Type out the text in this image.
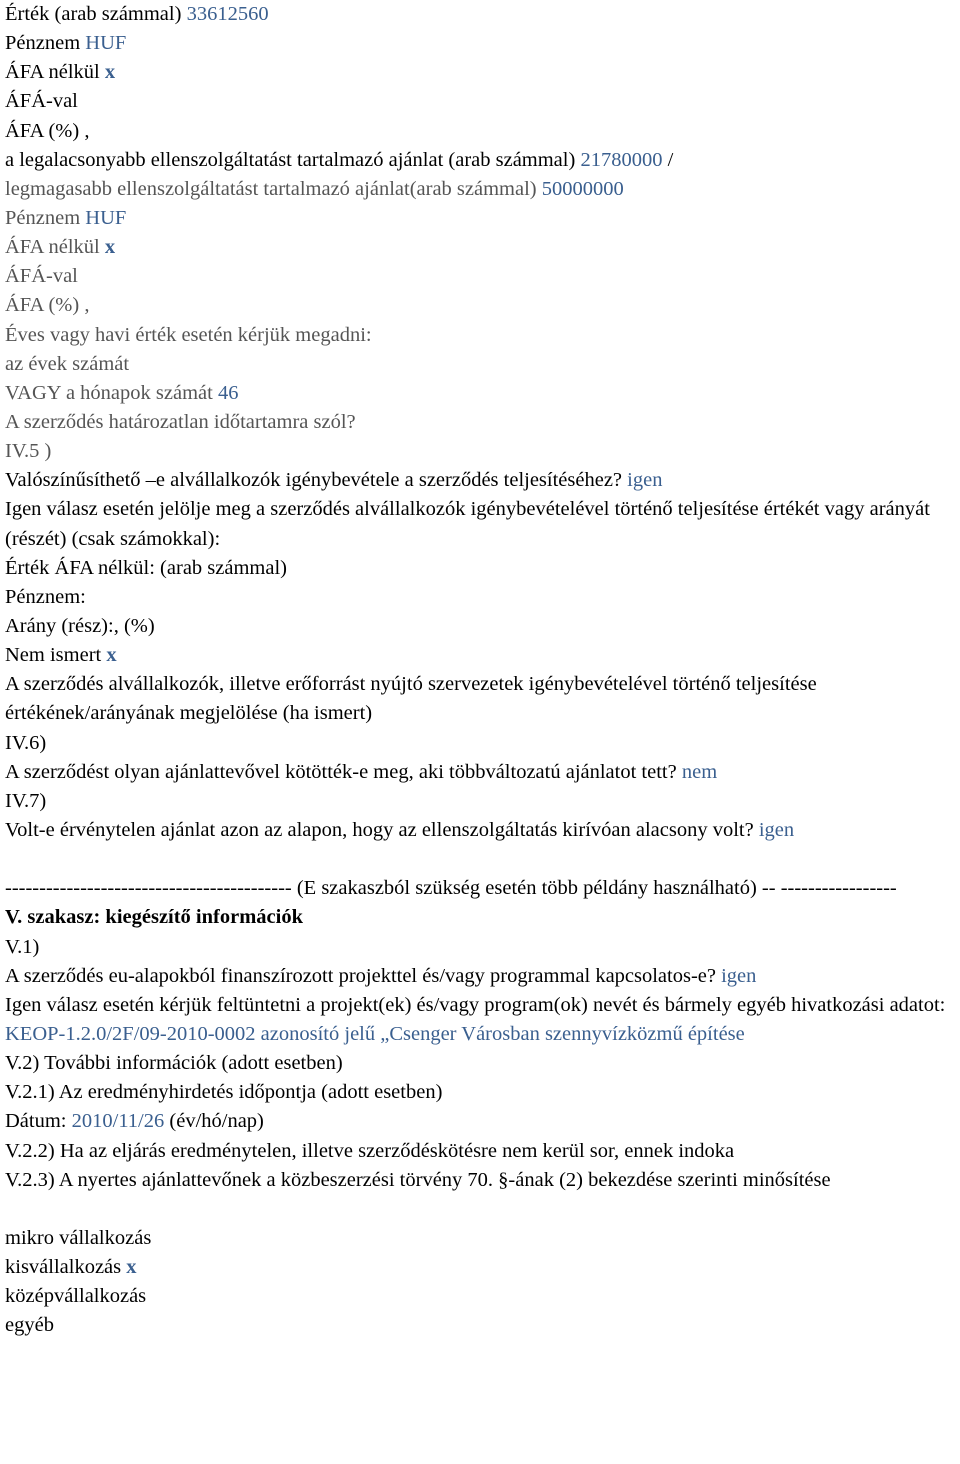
Érték (arab számmal) 33612560
Pénznem HUF
ÁFA nélkül x
ÁFÁ-val
ÁFA (%) ,
a legalacsonyabb ellenszolgáltatást tartalmazó ajánlat (arab számmal) 21780000 /
legmagasabb ellenszolgáltatást tartalmazó ajánlat(arab számmal) 50000000
Pénznem HUF
ÁFA nélkül x
ÁFÁ-val
ÁFA (%) ,
Éves vagy havi érték esetén kérjük megadni:
az évek számát
VAGY a hónapok számát 46
A szerződés határozatlan időtartamra szól?
IV.5 )
Valószínűsíthető –e alvállalkozók igénybevétele a szerződés teljesítéséhez? igen
Igen válasz esetén jelölje meg a szerződés alvállalkozók igénybevételével történő teljesítése értékét vagy arányát (részét) (csak számokkal):
Érték ÁFA nélkül: (arab számmal)
Pénznem:
Arány (rész):, (%)
Nem ismert x
A szerződés alvállalkozók, illetve erőforrást nyújtó szervezetek igénybevételével történő teljesítése értékének/arányának megjelölése (ha ismert)
IV.6)
A szerződést olyan ajánlattevővel kötötték-e meg, aki többváltozatú ajánlatot tett? nem
IV.7)
Volt-e érvénytelen ajánlat azon az alapon, hogy az ellenszolgáltatás kirívóan alacsony volt? igen
------------------------------------------ (E szakaszból szükség esetén több példány használható) -- -----------------
V. szakasz: kiegészítő információk
V.1)
A szerződés eu-alapokból finanszírozott projekttel és/vagy programmal kapcsolatos-e? igen
Igen válasz esetén kérjük feltüntetni a projekt(ek) és/vagy program(ok) nevét és bármely egyéb hivatkozási adatot:
KEOP-1.2.0/2F/09-2010-0002 azonosító jelű „Csenger Városban szennyvízközmű építése
V.2) További információk (adott esetben)
V.2.1) Az eredményhirdetés időpontja (adott esetben)
Dátum: 2010/11/26 (év/hó/nap)
V.2.2) Ha az eljárás eredménytelen, illetve szerződéskötésre nem kerül sor, ennek indoka
V.2.3) A nyertes ajánlattevőnek a közbeszerzési törvény 70. §-ának (2) bekezdése szerinti minősítése
mikro vállalkozás
kisvállalkozás x
középvállalkozás
egyéb
